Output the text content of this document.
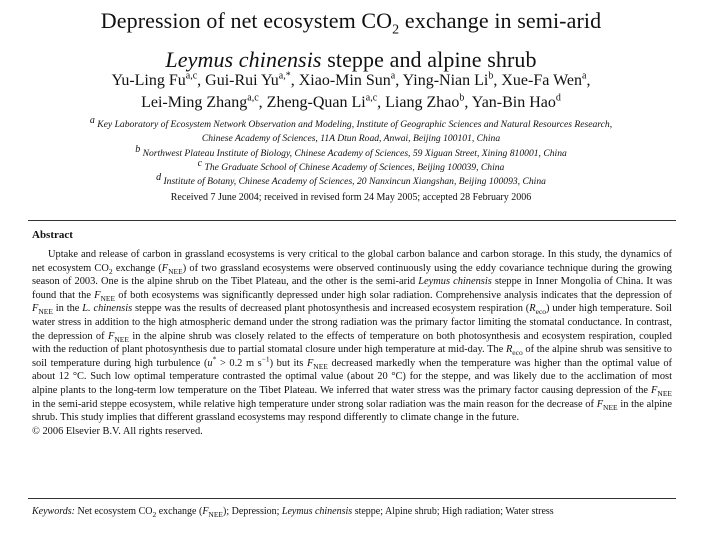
Depression of net ecosystem $CO_2$ exchange in semi-arid
Leymus chinensis steppe and alpine shrub
Yu-Ling Fu$^{a,c}$, Gui-Rui $Yu^{a,*}$, Xiao-Min Sun$^a$, Ying-Nian Li$^b$, Xue-Fa Wen$^a$,
Lei-Ming Zhang$^{a,c}$, Zheng-Quan Li$^{a,c}$, Liang Zhao$^b$, Yan-Bin Hao$^d$
$^a$ Key Laboratory of Ecosystem Network Observation and Modeling, Institute of Geographic Sciences and Natural Resources Research,
Chinese Academy of Sciences, 11A Dtun Road, Anwai, Beijing 100101, China
$^b$ Northwest Plateau Institute of Biology, Chinese Academy of Sciences, 59 Xiguan Street, Xining 810001, China
$^c$ The Graduate School of Chinese Academy of Sciences, Beijing 100039, China
$^d$ Institute of Botany, Chinese Academy of Sciences, 20 Nanxincun Xiangshan, Beijing 100093, China
Received 7 June 2004; received in revised form 24 May 2005; accepted 28 February 2006
Abstract
Uptake and release of carbon in grassland ecosystems is very critical to the global carbon balance and carbon storage. In this study, the dynamics of net ecosystem $CO_2$ exchange $(F_{NEE})$ of two grassland ecosystems were observed continuously using the eddy covariance technique during the growing season of 2003. One is the alpine shrub on the Tibet Plateau, and the other is the semi-arid Leymus chinensis steppe in Inner Mongolia of China. It was found that the $F_{NEE}$ of both ecosystems was significantly depressed under high solar radiation. Comprehensive analysis indicates that the depression of $F_{NEE}$ in the L. chinensis steppe was the results of decreased plant photosynthesis and increased ecosystem respiration $(R_{eco})$ under high temperature. Soil water stress in addition to the high atmospheric demand under the strong radiation was the primary factor limiting the stomatal conductance. In contrast, the depression of $F_{NEE}$ in the alpine shrub was closely related to the effects of temperature on both photosynthesis and ecosystem respiration, coupled with the reduction of plant photosynthesis due to partial stomatal closure under high temperature at mid-day. The $R_{eco}$ of the alpine shrub was sensitive to soil temperature during high turbulence (u* > 0.2 m $s^{-1}$) but its $F_{NEE}$ decreased markedly when the temperature was higher than the optimal value of about 12 °C. Such low optimal temperature contrasted the optimal value (about 20 °C) for the steppe, and was likely due to the acclimation of most alpine plants to the long-term low temperature on the Tibet Plateau. We inferred that water stress was the primary factor causing depression of the $F_{NEE}$ in the semi-arid steppe ecosystem, while relative high temperature under strong solar radiation was the main reason for the decrease of $F_{NEE}$ in the alpine shrub. This study implies that different grassland ecosystems may respond differently to climate change in the future.
© 2006 Elsevier B.V. All rights reserved.
Keywords: Net ecosystem $CO_2$ exchange $(F_{NEE})$; Depression; Leymus chinensis steppe; Alpine shrub; High radiation; Water stress
